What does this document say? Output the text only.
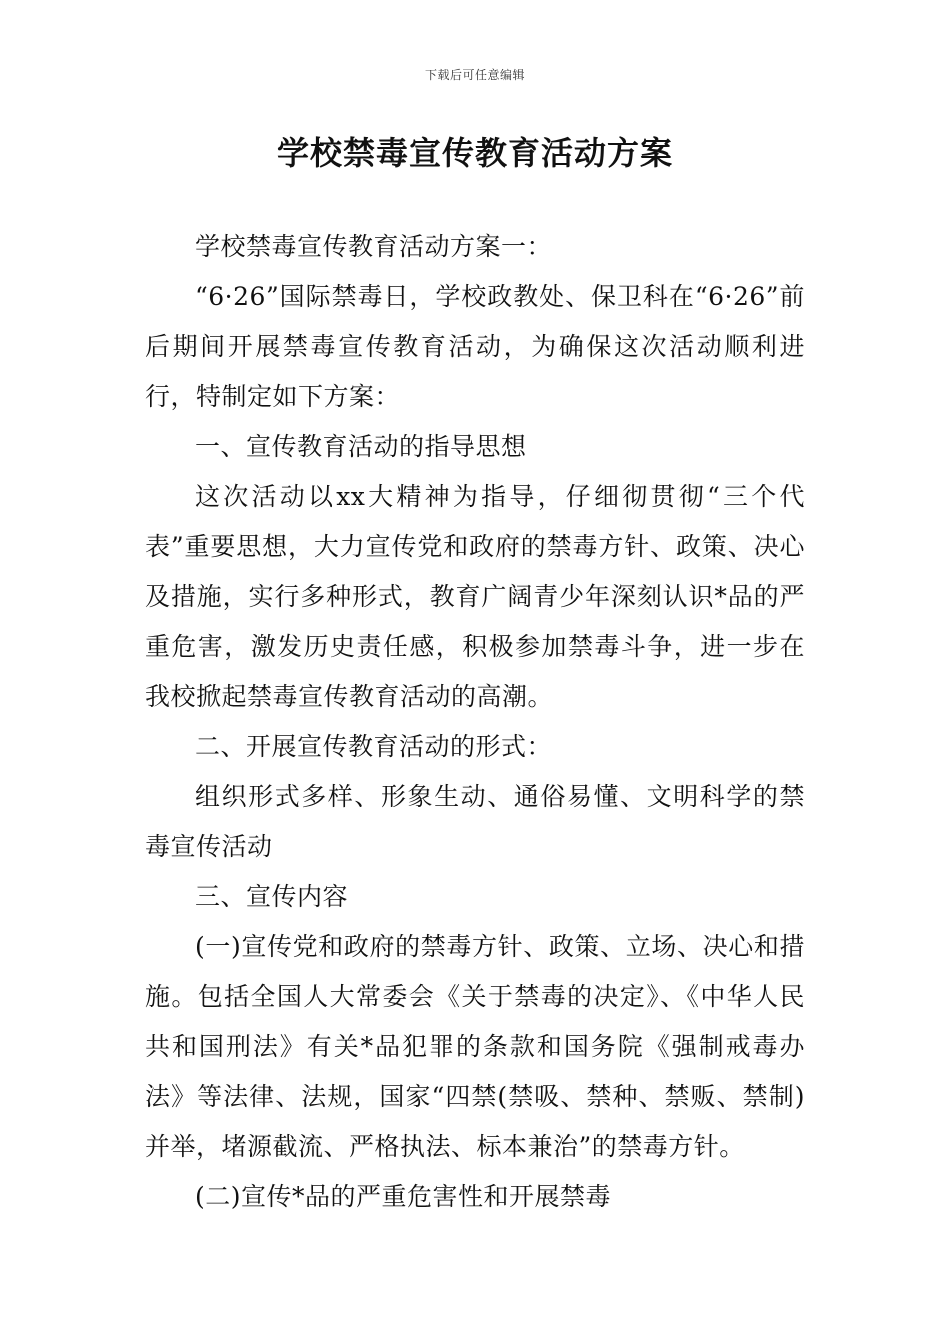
下载后可任意编辑
学校禁毒宣传教育活动方案

学校禁毒宣传教育活动方案一：

“6·26”国际禁毒日，学校政教处、保卫科在“6·26”前后期间开展禁毒宣传教育活动，为确保这次活动顺利进行，特制定如下方案：

一、宣传教育活动的指导思想

这次活动以xx大精神为指导，仔细彻贯彻“三个代表”重要思想，大力宣传党和政府的禁毒方针、政策、决心及措施，实行多种形式，教育广阔青少年深刻认识*品的严重危害，激发历史责任感，积极参加禁毒斗争，进一步在我校掀起禁毒宣传教育活动的高潮。

二、开展宣传教育活动的形式：

组织形式多样、形象生动、通俗易懂、文明科学的禁毒宣传活动

三、宣传内容

(一)宣传党和政府的禁毒方针、政策、立场、决心和措施。包括全国人大常委会《关于禁毒的决定》、《中华人民共和国刑法》有关*品犯罪的条款和国务院《强制戒毒办法》等法律、法规，国家“四禁(禁吸、禁种、禁贩、禁制)并举，堵源截流、严格执法、标本兼治”的禁毒方针。

(二)宣传*品的严重危害性和开展禁毒
